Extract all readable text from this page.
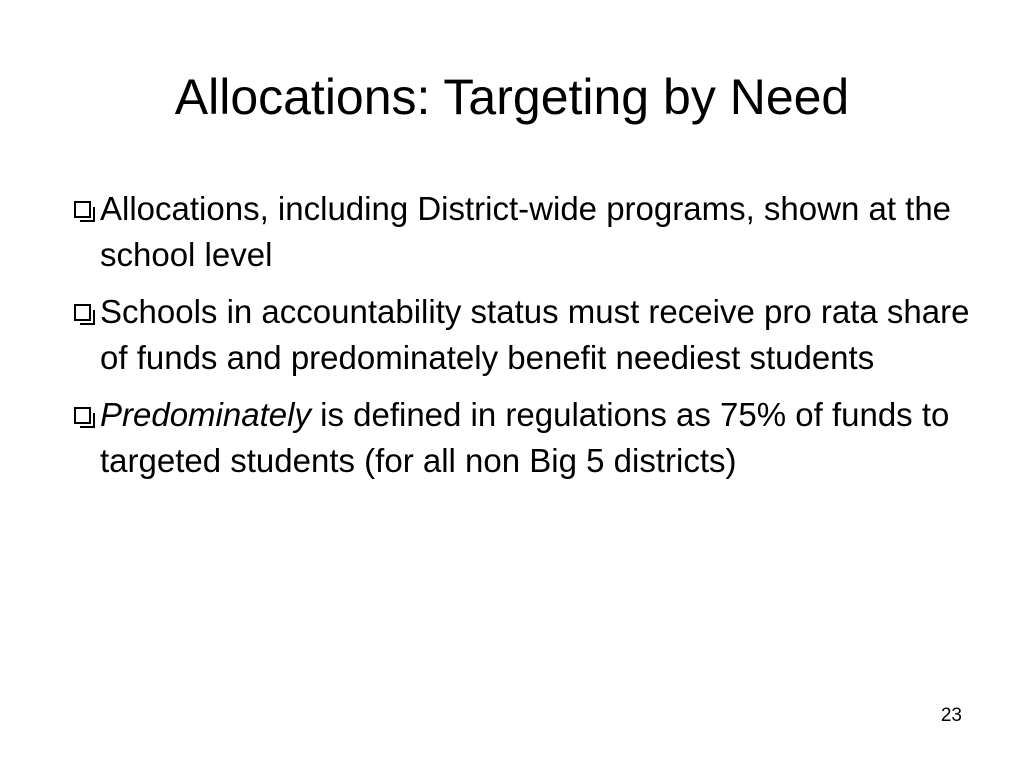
Allocations: Targeting by Need
Allocations, including District-wide programs, shown at the school level
Schools in accountability status must receive pro rata share of funds and predominately benefit neediest students
Predominately is defined in regulations as 75% of funds to targeted students (for all non Big 5 districts)
23
